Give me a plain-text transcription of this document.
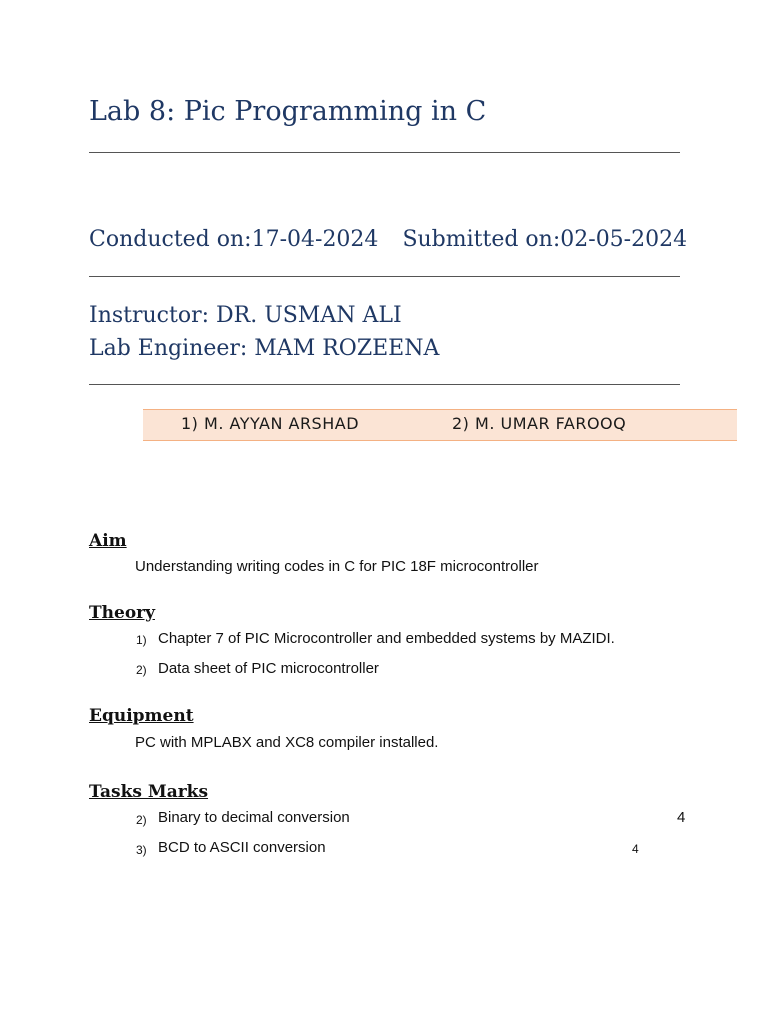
Lab 8: Pic Programming in C
Conducted on:17-04-2024 Submitted on:02-05-2024
Instructor: DR. USMAN ALI
Lab Engineer: MAM ROZEENA
1) M. AYYAN ARSHAD	2) M. UMAR FAROOQ
Aim
Understanding writing codes in C for PIC 18F microcontroller
Theory
1) Chapter 7 of PIC Microcontroller and embedded systems by MAZIDI.
2) Data sheet of PIC microcontroller
Equipment
PC with MPLABX and XC8 compiler installed.
Tasks Marks
2) Binary to decimal conversion	4
3) BCD to ASCII conversion	4
